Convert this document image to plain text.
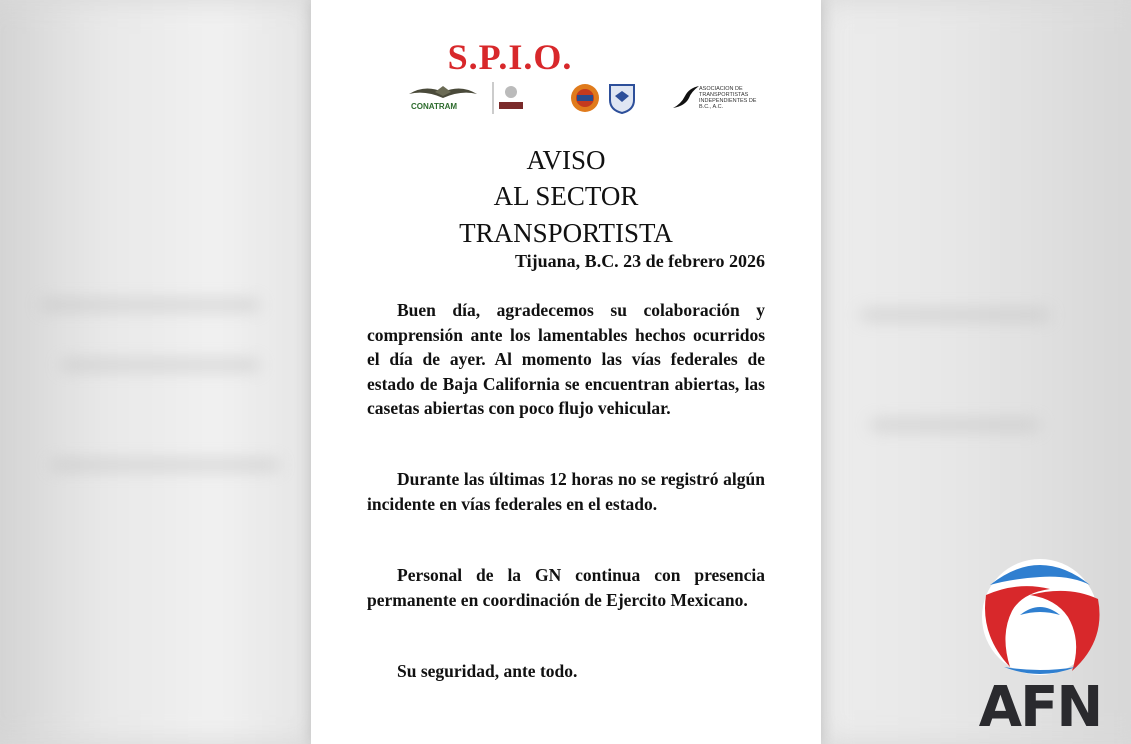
S.P.I.O.
CONATRAM
ASOCIACION DE TRANSPORTISTAS INDEPENDIENTES DE B.C., A.C.
AVISO
AL SECTOR
TRANSPORTISTA
Tijuana, B.C. 23 de febrero 2026
Buen día, agradecemos su colaboración y comprensión ante los lamentables hechos ocurridos el día de ayer. Al momento las vías federales de estado de Baja California se encuentran abiertas, las casetas abiertas con poco flujo vehicular.
Durante las últimas 12 horas no se registró algún incidente en vías federales en el estado.
Personal de la GN continua con presencia permanente en coordinación de Ejercito Mexicano.
Su seguridad, ante todo.
AFN
